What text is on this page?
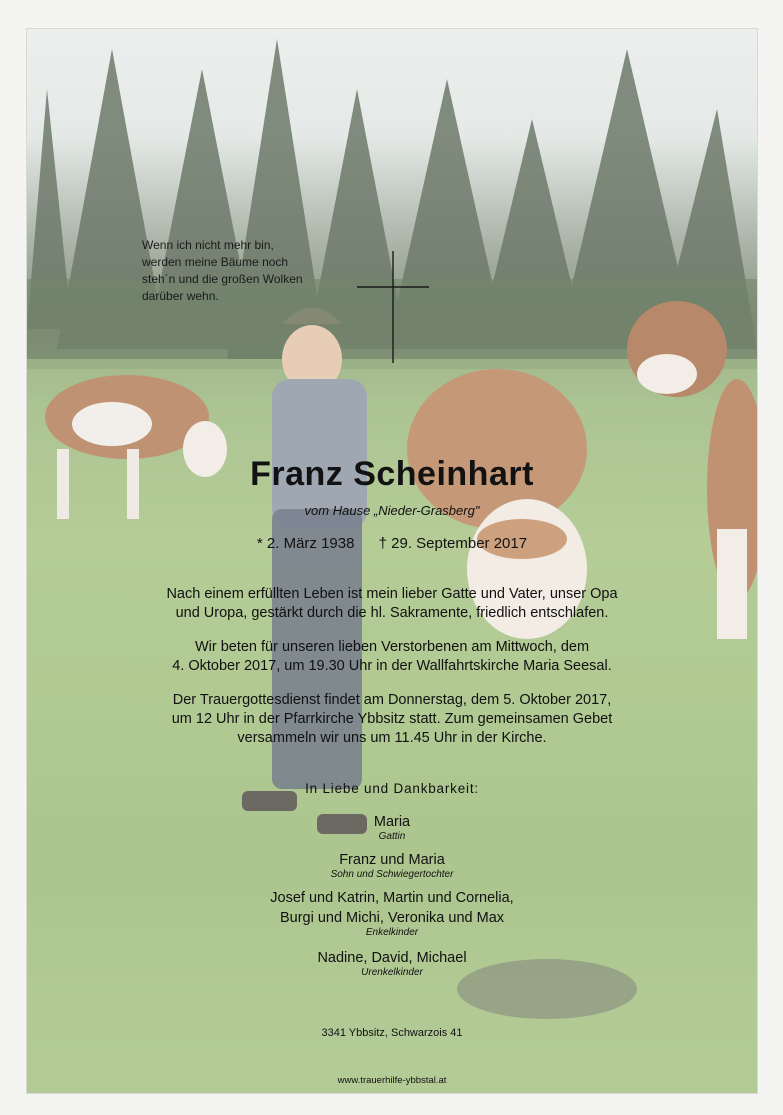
Wenn ich nicht mehr bin,
werden meine Bäume noch
steh´n und die großen Wolken
darüber wehn.
Franz Scheinhart
vom Hause „Nieder-Grasberg"
* 2. März 1938 † 29. September 2017
Nach einem erfüllten Leben ist mein lieber Gatte und Vater, unser Opa
und Uropa, gestärkt durch die hl. Sakramente, friedlich entschlafen.
Wir beten für unseren lieben Verstorbenen am Mittwoch, dem
4. Oktober 2017, um 19.30 Uhr in der Wallfahrtskirche Maria Seesal.
Der Trauergottesdienst findet am Donnerstag, dem 5. Oktober 2017,
um 12 Uhr in der Pfarrkirche Ybbsitz statt. Zum gemeinsamen Gebet
versammeln wir uns um 11.45 Uhr in der Kirche.
In Liebe und Dankbarkeit:
Maria
Gattin
Franz und Maria
Sohn und Schwiegertochter
Josef und Katrin, Martin und Cornelia,
Burgi und Michi, Veronika und Max
Enkelkinder
Nadine, David, Michael
Urenkelkinder
3341 Ybbsitz, Schwarzois 41
www.trauerhilfe-ybbstal.at
